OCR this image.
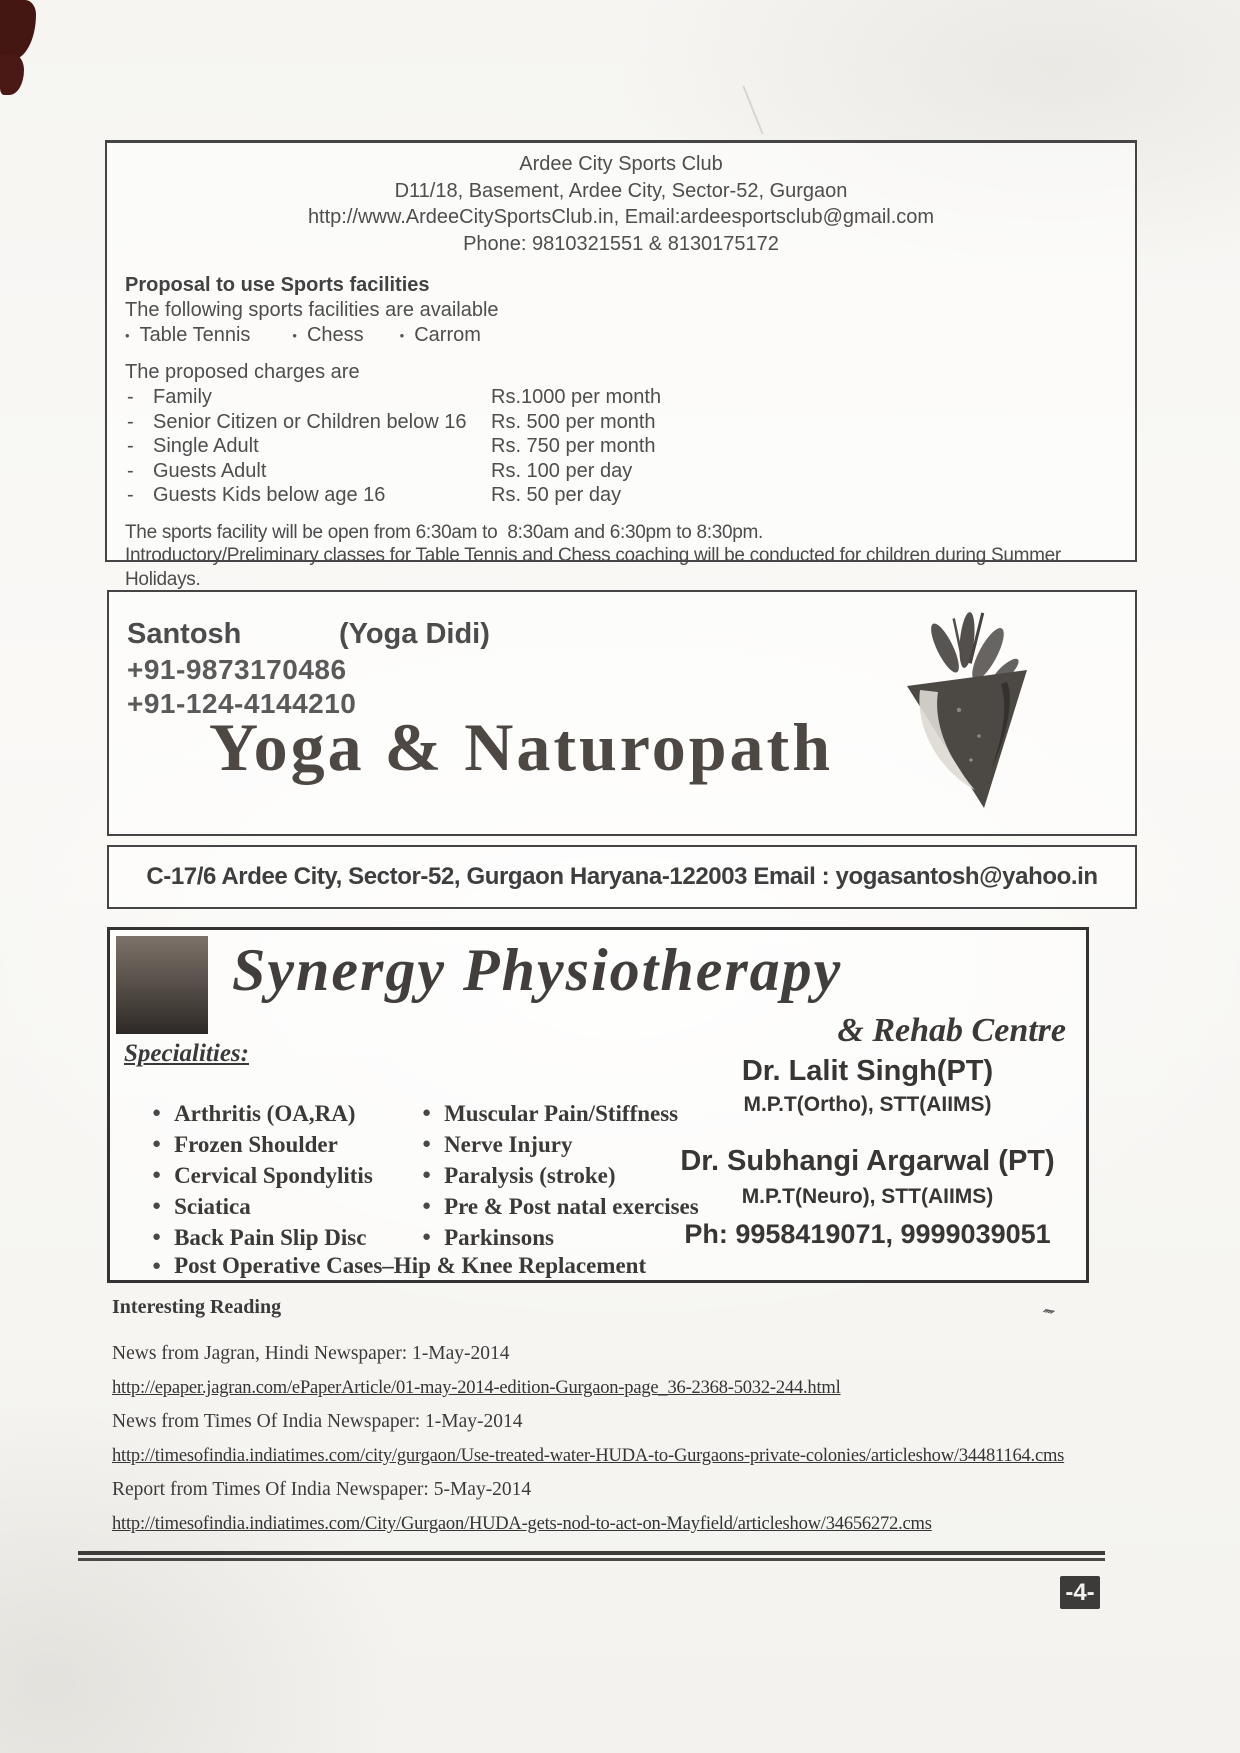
⁗
Ardee City Sports Club
D11/18, Basement, Ardee City, Sector-52, Gurgaon
http://www.ArdeeCitySportsClub.in, Email:ardeesportsclub@gmail.com
Phone: 9810321551 & 8130175172
Proposal to use Sports facilities
The following sports facilities are available
• Table Tennis	• Chess	• Carrom
The proposed charges are
- Family	Rs.1000 per month
- Senior Citizen or Children below 16	Rs. 500 per month
- Single Adult	Rs. 750 per month
- Guests Adult	Rs. 100 per day
- Guests Kids below age 16	Rs. 50 per day
The sports facility will be open from 6:30am to  8:30am and 6:30pm to 8:30pm.
Introductory/Preliminary classes for Table Tennis and Chess coaching will be conducted for children during Summer Holidays.
Santosh	(Yoga Didi)
+91-9873170486
+91-124-4144210
Yoga & Naturopath
C-17/6 Ardee City, Sector-52, Gurgaon Haryana-122003 Email : yogasantosh@yahoo.in
Synergy Physiotherapy
& Rehab Centre
Specialities:
● Arthritis (OA,RA)
● Frozen Shoulder
● Cervical Spondylitis
● Sciatica
● Back Pain Slip Disc
● Muscular Pain/Stiffness
● Nerve Injury
● Paralysis (stroke)
● Pre & Post natal exercises
● Parkinsons
● Post Operative Cases–Hip & Knee Replacement
Dr. Lalit Singh(PT)
M.P.T(Ortho), STT(AIIMS)
Dr. Subhangi Argarwal (PT)
M.P.T(Neuro), STT(AIIMS)
Ph: 9958419071, 9999039051
Interesting Reading
News from Jagran, Hindi Newspaper: 1-May-2014
http://epaper.jagran.com/ePaperArticle/01-may-2014-edition-Gurgaon-page_36-2368-5032-244.html
News from Times Of India Newspaper: 1-May-2014
http://timesofindia.indiatimes.com/city/gurgaon/Use-treated-water-HUDA-to-Gurgaons-private-colonies/articleshow/34481164.cms
Report from Times Of India Newspaper: 5-May-2014
http://timesofindia.indiatimes.com/City/Gurgaon/HUDA-gets-nod-to-act-on-Mayfield/articleshow/34656272.cms
-4-
